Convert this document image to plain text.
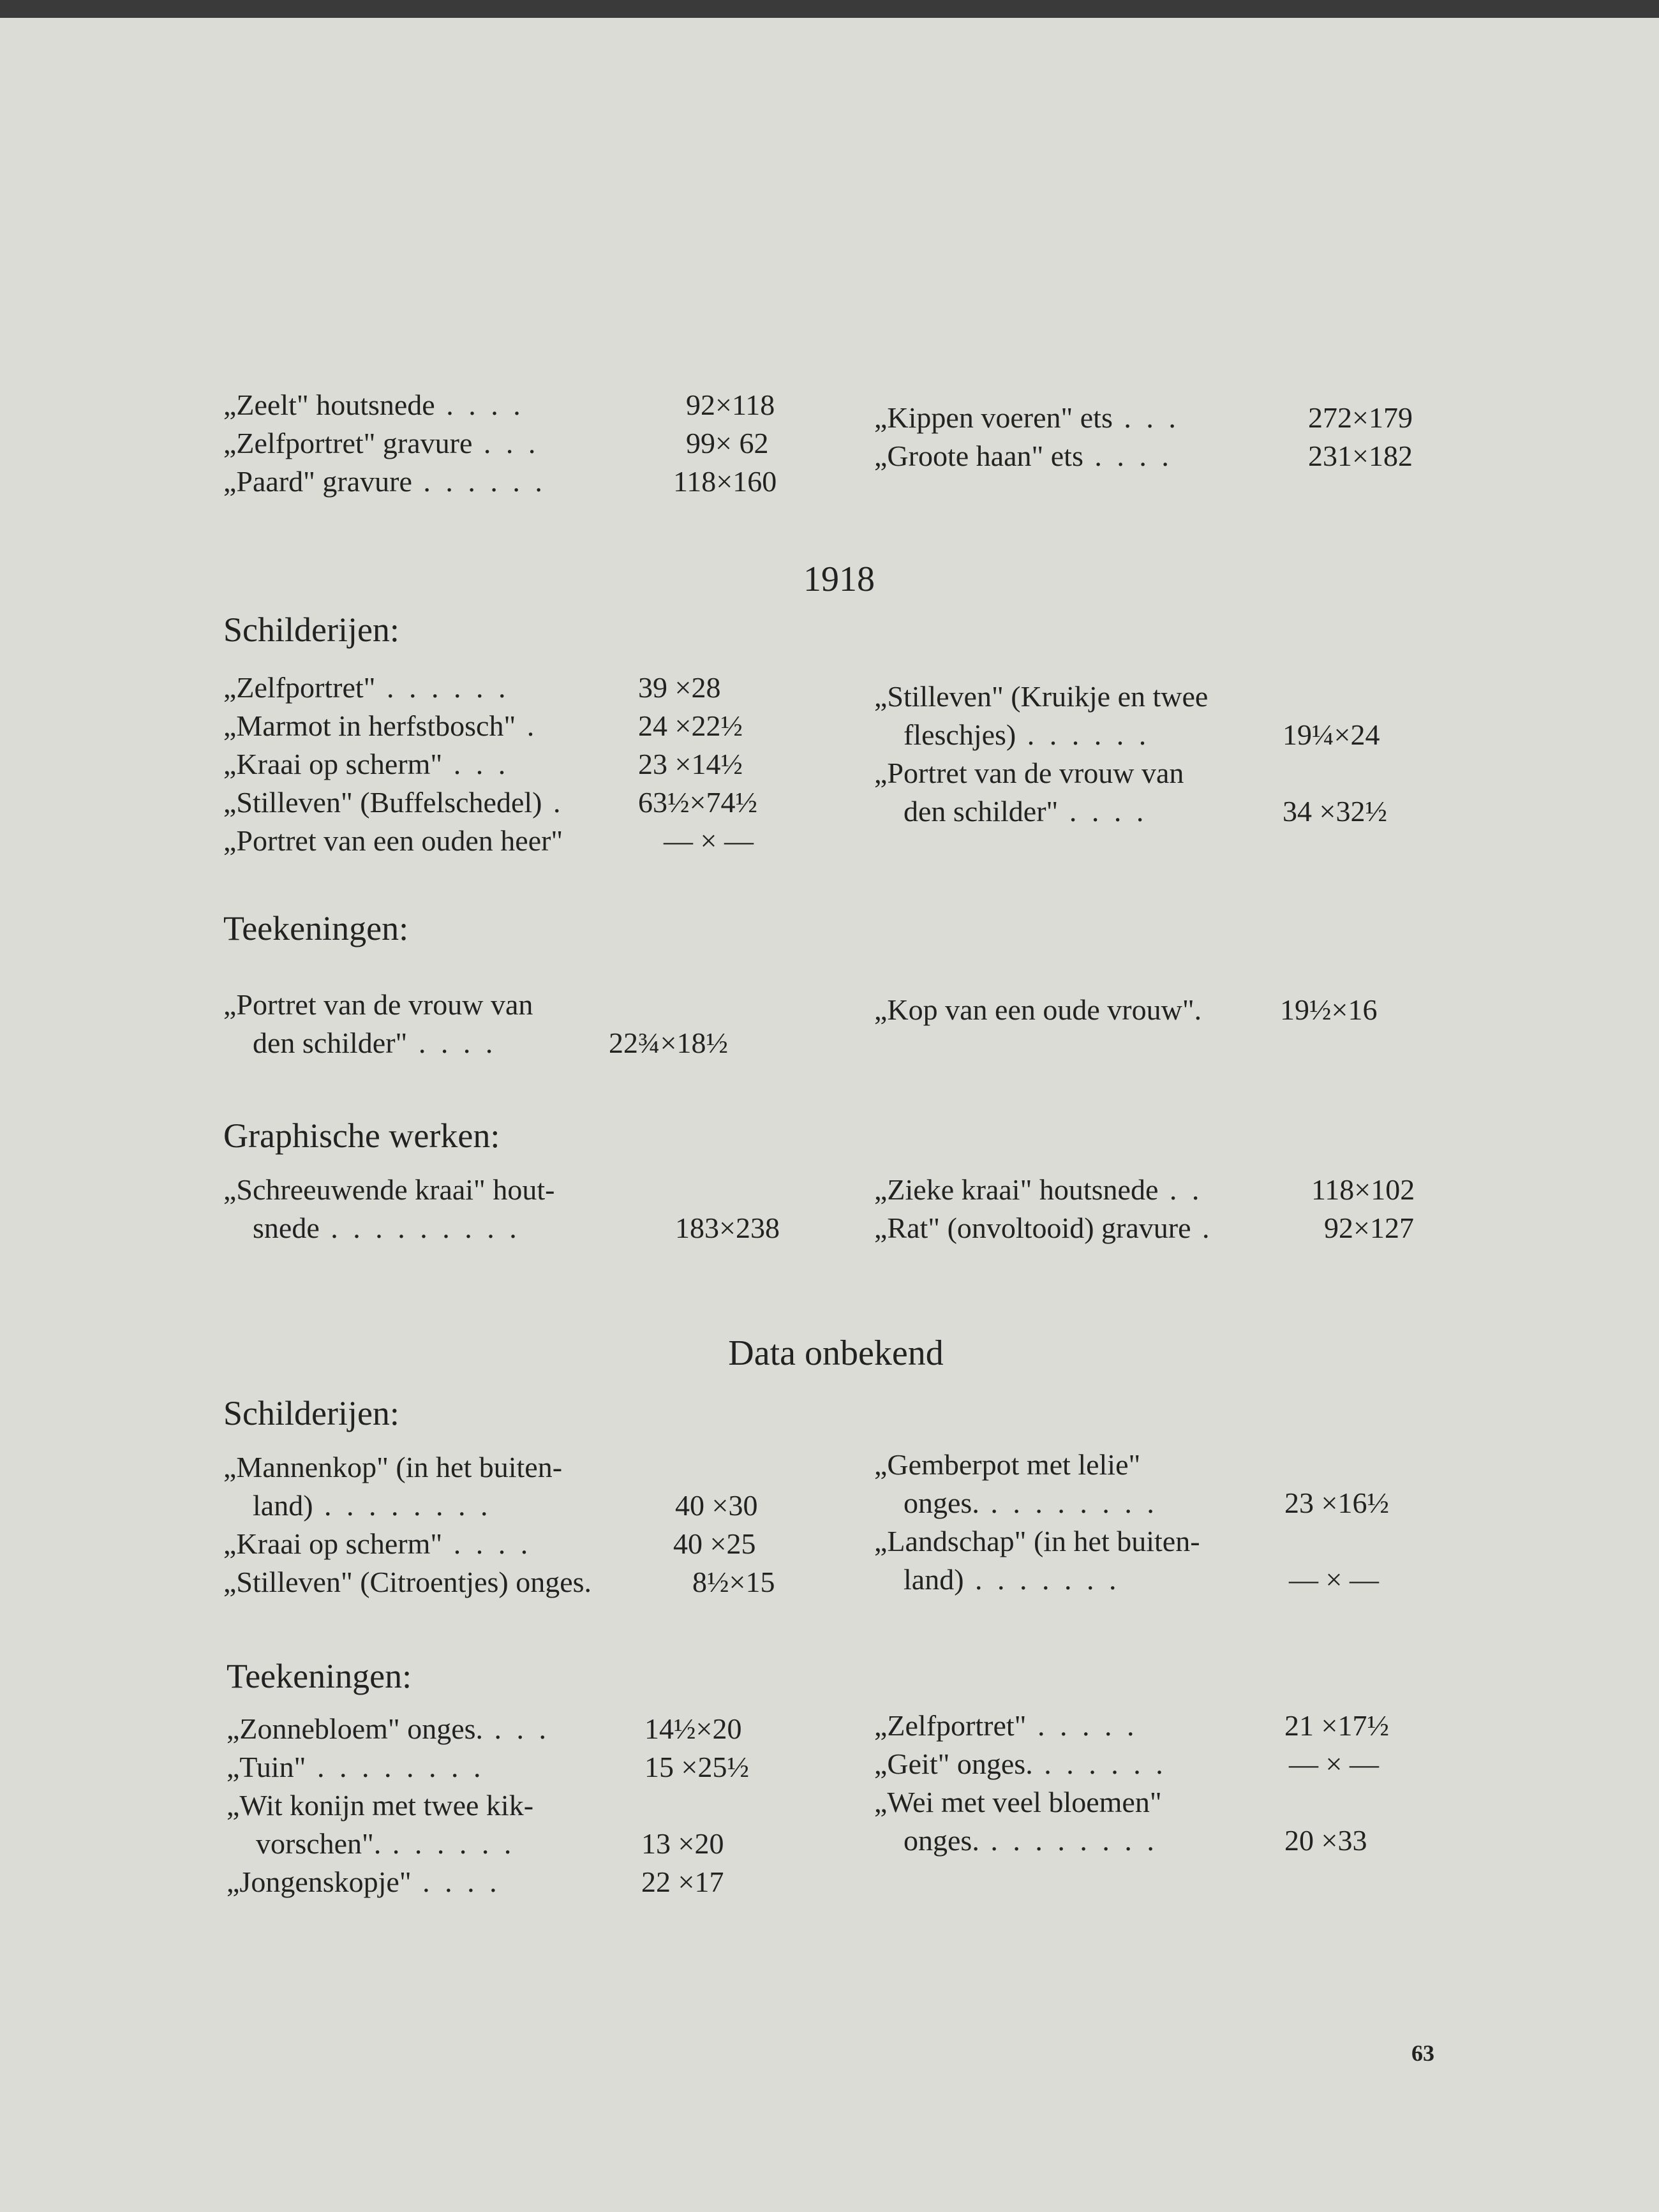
„Zeelt" houtsnede . . . .	92×118
„Zelfportret" gravure . . .	99× 62
„Paard" gravure . . . . . .	118×160
„Kippen voeren" ets . . .	272×179
„Groote haan" ets . . . .	231×182
1918
Schilderijen:
„Zelfportret" . . . . . .	39 ×28
„Marmot in herfstbosch" .	24 ×22½
„Kraai op scherm" . . .	23 ×14½
„Stilleven" (Buffelschedel) .	63½×74½
„Portret van een ouden heer"	— × —
„Stilleven" (Kruikje en twee
fleschjes) . . . . . .	19¼×24
„Portret van de vrouw van
den schilder" . . . .	34 ×32½
Teekeningen:
„Portret van de vrouw van
den schilder" . . . .	22¾×18½
„Kop van een oude vrouw".	19½×16
Graphische werken:
„Schreeuwende kraai" hout-
snede . . . . . . . . .	183×238
„Zieke kraai" houtsnede . .	118×102
„Rat" (onvoltooid) gravure .	92×127
Data onbekend
Schilderijen:
„Mannenkop" (in het buiten-
land) . . . . . . . .	40 ×30
„Kraai op scherm" . . . .	40 ×25
„Stilleven" (Citroentjes) onges.	8½×15
„Gemberpot met lelie"
onges. . . . . . . . .	23 ×16½
„Landschap" (in het buiten-
land) . . . . . . .	— × —
Teekeningen:
„Zonnebloem" onges. . . .	14½×20
„Tuin" . . . . . . . .	15 ×25½
„Wit konijn met twee kik-
vorschen". . . . . . .	13 ×20
„Jongenskopje" . . . .	22 ×17
„Zelfportret" . . . . .	21 ×17½
„Geit" onges. . . . . . .	— × —
„Wei met veel bloemen"
onges. . . . . . . . .	20 ×33
63
